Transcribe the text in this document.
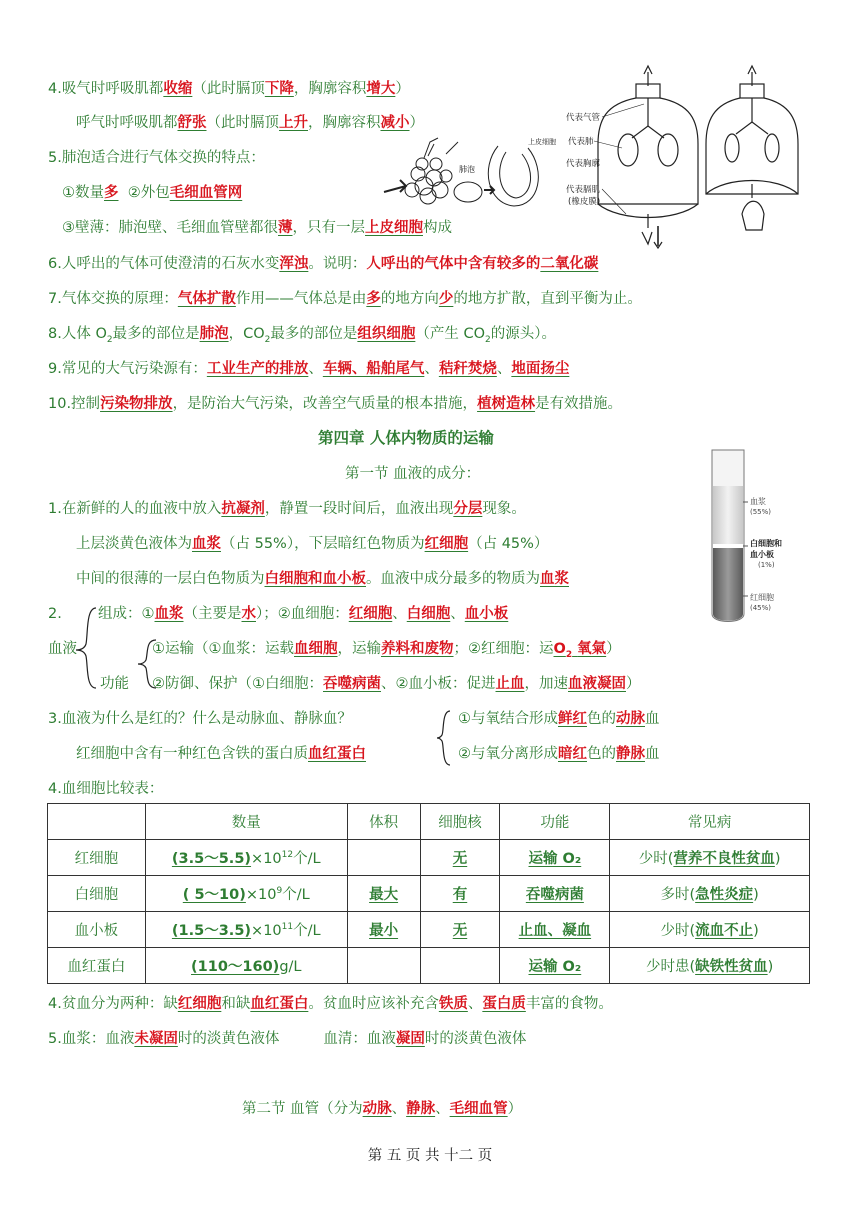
4.吸气时呼吸肌都收缩（此时膈顶下降，胸廓容积增大）
呼气时呼吸肌都舒张（此时膈顶上升，胸廓容积减小）
5.肺泡适合进行气体交换的特点：
①数量多 ②外包毛细血管网
③壁薄：肺泡壁、毛细血管壁都很薄，只有一层上皮细胞构成
肺泡
上皮细胞
代表气管
代表肺
代表胸廓
代表膈肌
(橡皮膜)
6.人呼出的气体可使澄清的石灰水变浑浊。说明：人呼出的气体中含有较多的二氧化碳
7.气体交换的原理：气体扩散作用——气体总是由多的地方向少的地方扩散，直到平衡为止。
8.人体 $O_2$最多的部位是肺泡，$CO_2$最多的部位是组织细胞（产生 $CO_2$的源头）。
9.常见的大气污染源有：工业生产的排放、车辆、船舶尾气、秸秆焚烧、地面扬尘
10.控制污染物排放，是防治大气污染，改善空气质量的根本措施，植树造林是有效措施。
第四章 人体内物质的运输
第一节 血液的成分：
血浆
(55%)
白细胞和
血小板
(1%)
红细胞
(45%)
1.在新鲜的人的血液中放入抗凝剂，静置一段时间后，血液出现分层现象。
上层淡黄色液体为血浆（占 55%），下层暗红色物质为红细胞（占 45%）
中间的很薄的一层白色物质为白细胞和血小板。血液中成分最多的物质为血浆
2.
血液
组成：①血浆（主要是水）；②血细胞：红细胞、白细胞、血小板
功能
①运输（①血浆：运载血细胞，运输养料和废物；②红细胞：运$O_2$ 氧氣）
②防御、保护（①白细胞：吞噬病菌、②血小板：促进止血，加速血液凝固）
3.血液为什么是红的？什么是动脉血、静脉血？
红细胞中含有一种红色含铁的蛋白质血红蛋白
①与氧结合形成鲜红色的动脉血
②与氧分离形成暗红色的静脉血
4.血细胞比较表：
	数量	体积	细胞核	功能	常见病
红细胞	$(3.5\sim 5.5)\times 10^{12}$个/L		无	运输 O₂	少时(营养不良性贫血)
白细胞	( $5\sim 10)\times 10^9$个/L	最大	有	吞噬病菌	多时(急性炎症)
血小板	$(1.5\sim 3.5)\times 10^{11}$个/L	最小	无	止血、凝血	少时(流血不止)
血红蛋白	(110～160)g/L			运输 O₂	少时患(缺铁性贫血)
4.贫血分为两种：缺红细胞和缺血红蛋白。贫血时应该补充含铁质、蛋白质丰富的食物。
5.血浆：血液未凝固时的淡黄色液体	血清：血液凝固时的淡黄色液体
第二节 血管（分为动脉、静脉、毛细血管）
第 五 页 共 十二 页
